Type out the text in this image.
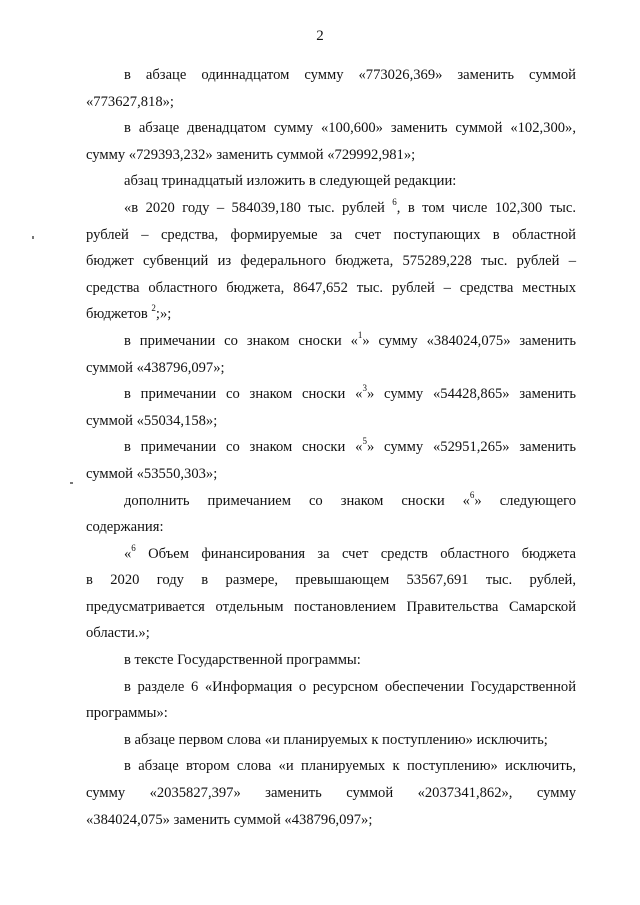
2
в абзаце одиннадцатом сумму «773026,369» заменить суммой
«773627,818»;
в абзаце двенадцатом сумму «100,600» заменить суммой «102,300»,
сумму «729393,232» заменить суммой «729992,981»;
абзац тринадцатый изложить в следующей редакции:
«в 2020 году – 584039,180 тыс. рублей $^6$, в том числе 102,300 тыс.
рублей – средства, формируемые за счет поступающих в областной
бюджет субвенций из федерального бюджета, 575289,228 тыс. рублей –
средства областного бюджета, 8647,652 тыс. рублей – средства местных
бюджетов $^2$;»;
в примечании со знаком сноски «$^1$» сумму «384024,075» заменить
суммой «438796,097»;
в примечании со знаком сноски «$^3$» сумму «54428,865» заменить
суммой «55034,158»;
в примечании со знаком сноски «$^5$» сумму «52951,265» заменить
суммой «53550,303»;
дополнить примечанием со знаком сноски «$^6$» следующего
содержания:
«$^6$ Объем финансирования за счет средств областного бюджета
в 2020 году в размере, превышающем 53567,691 тыс. рублей,
предусматривается отдельным постановлением Правительства Самарской
области.»;
в тексте Государственной программы:
в разделе 6 «Информация о ресурсном обеспечении Государственной
программы»:
в абзаце первом слова «и планируемых к поступлению» исключить;
в абзаце втором слова «и планируемых к поступлению» исключить,
сумму «2035827,397» заменить суммой «2037341,862», сумму
«384024,075» заменить суммой «438796,097»;
